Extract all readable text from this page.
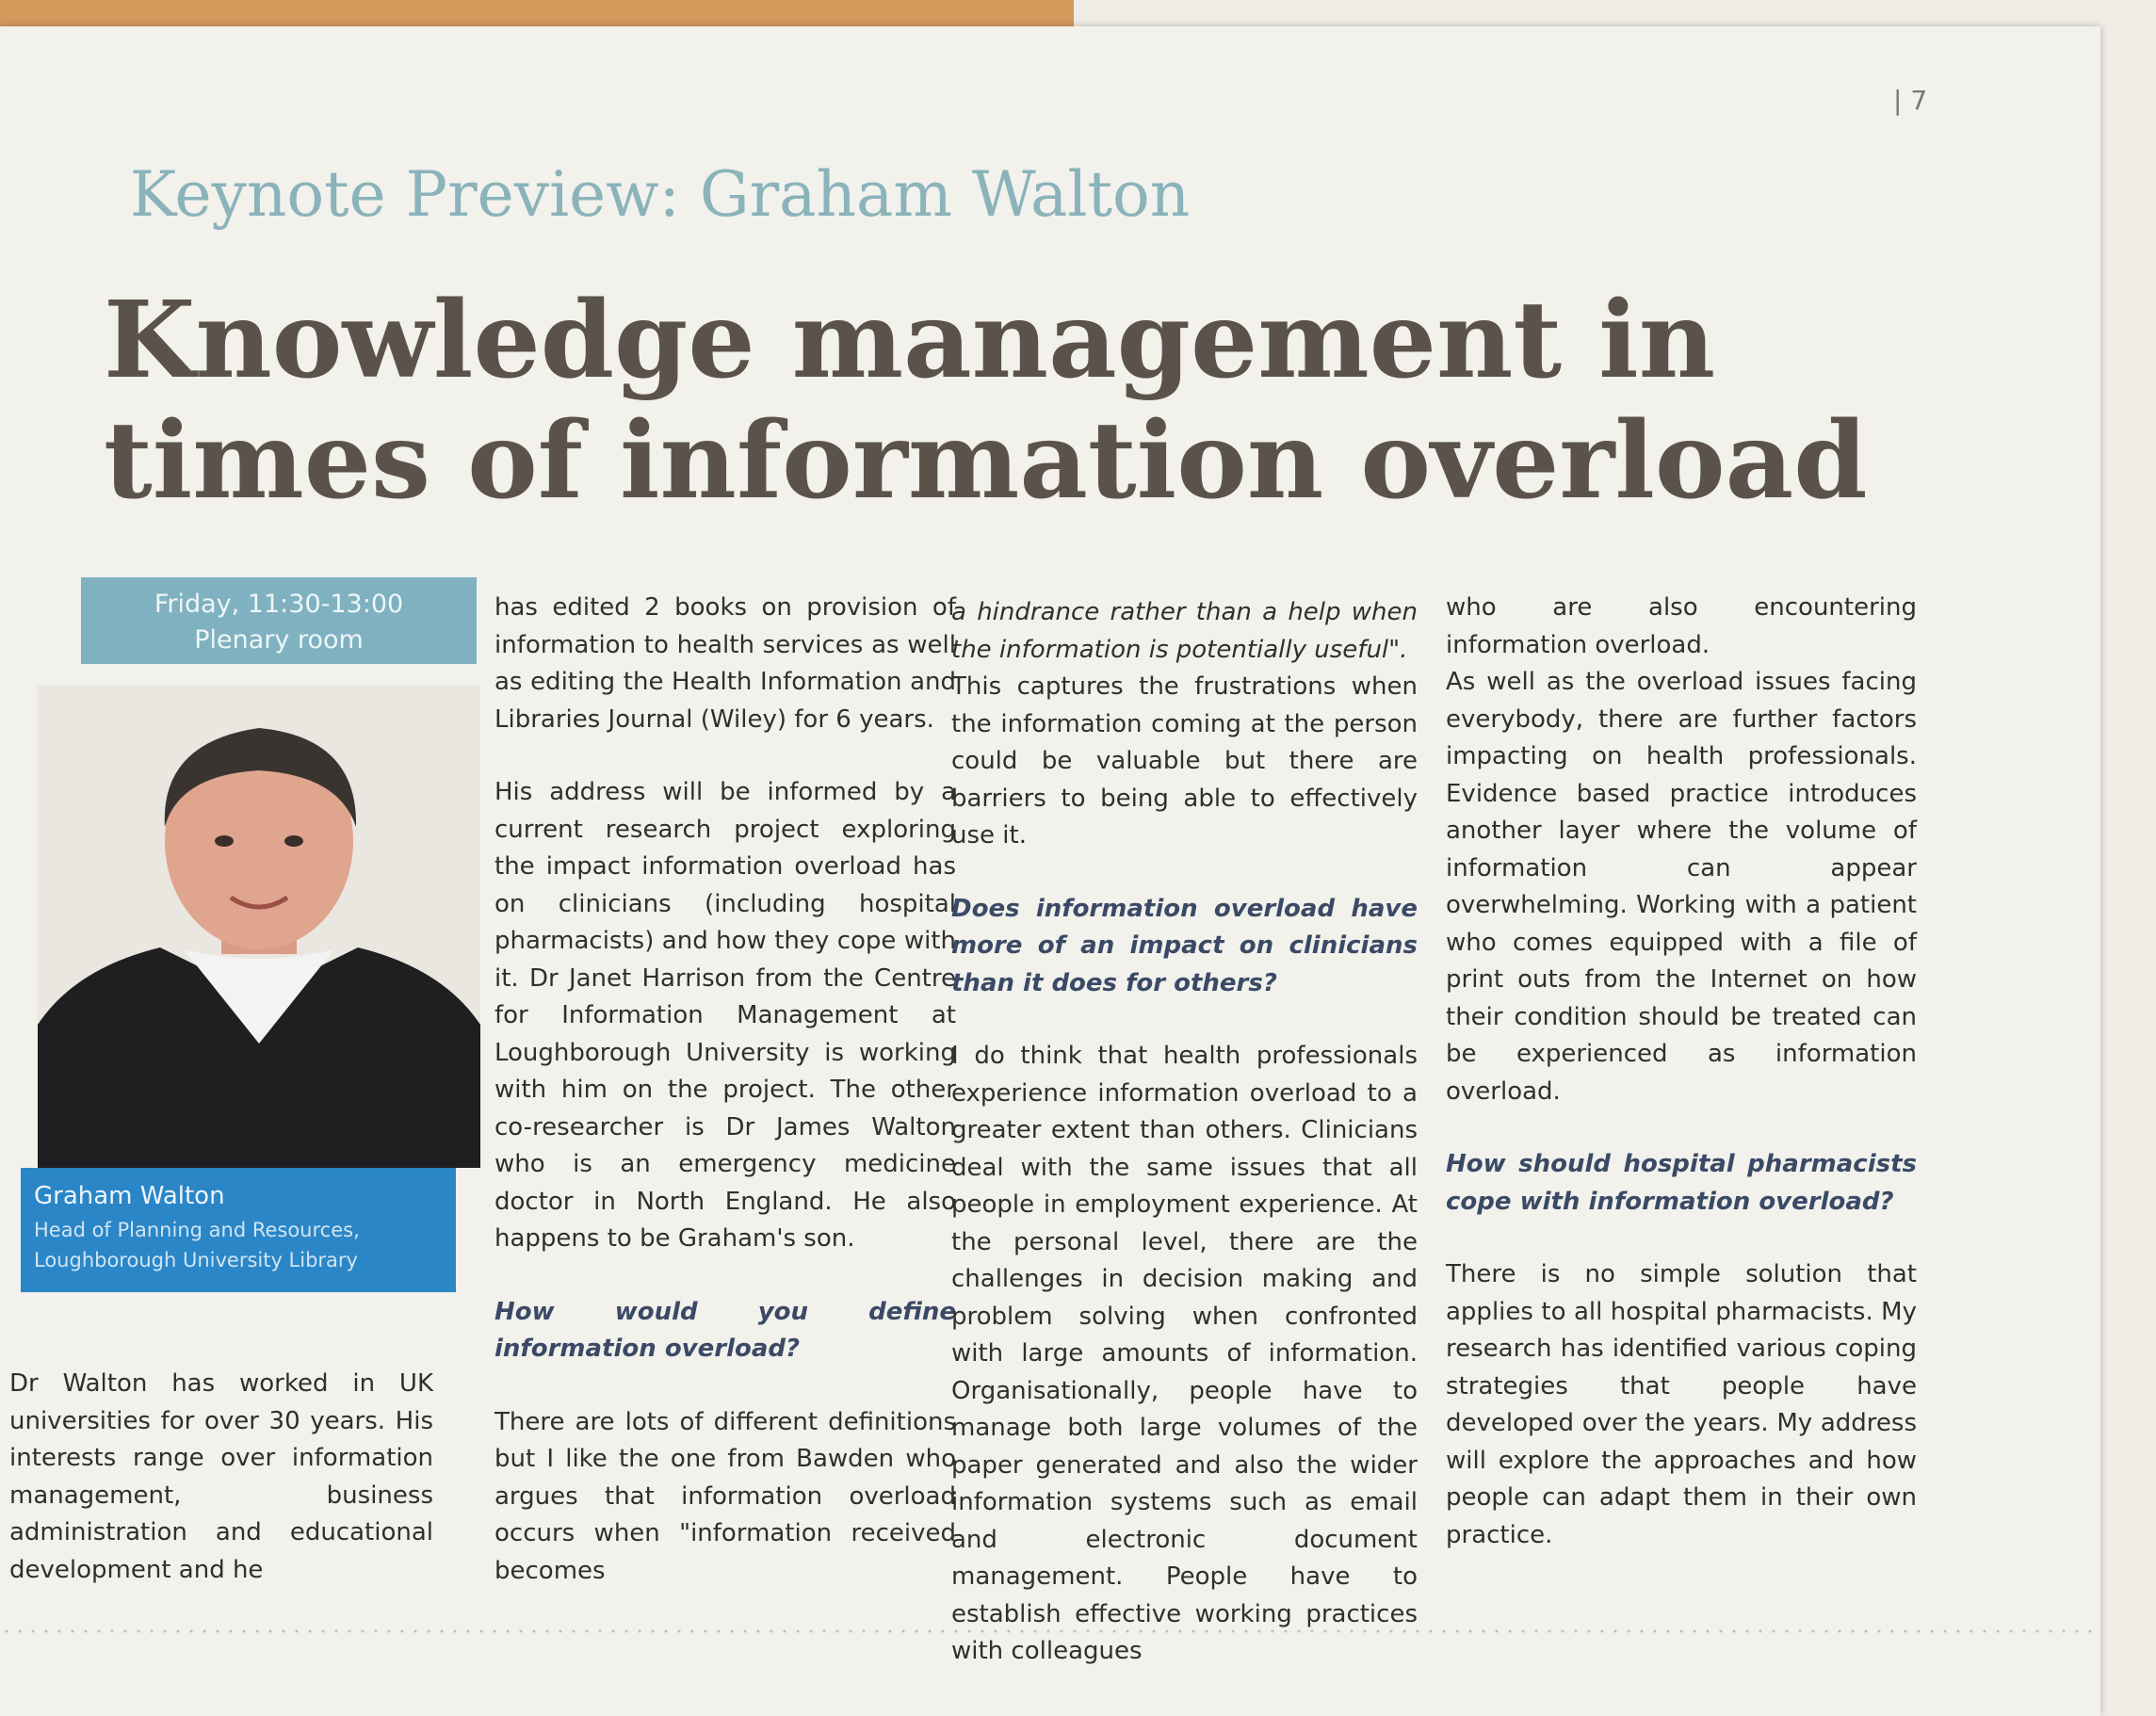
| 7
Keynote Preview: Graham Walton
Knowledge management in
times of information overload
Friday, 11:30-13:00
Plenary room
Graham Walton
Head of Planning and Resources,
Loughborough University Library

Dr Walton has worked in UK universities for over 30 years. His interests range over information management, business administration and educational development and he

has edited 2 books on provision of information to health services as well as editing the Health Information and Libraries Journal (Wiley) for 6 years.

His address will be informed by a current research project exploring the impact information overload has on clinicians (including hospital pharmacists) and how they cope with it. Dr Janet Harrison from the Centre for Information Management at Loughborough University is working with him on the project. The other co-researcher is Dr James Walton who is an emergency medicine doctor in North England. He also happens to be Graham's son.

How would you define information overload?

There are lots of different definitions but I like the one from Bawden who argues that information overload occurs when "information received becomes

a hindrance rather than a help when the information is potentially useful".

This captures the frustrations when the information coming at the person could be valuable but there are barriers to being able to effectively use it.

Does information overload have more of an impact on clinicians than it does for others?

I do think that health professionals experience information overload to a greater extent than others. Clinicians deal with the same issues that all people in employment experience. At the personal level, there are the challenges in decision making and problem solving when confronted with large amounts of information. Organisationally, people have to manage both large volumes of the paper generated and also the wider information systems such as email and electronic document management. People have to establish effective working practices with colleagues

who are also encountering information overload.

As well as the overload issues facing everybody, there are further factors impacting on health professionals. Evidence based practice introduces another layer where the volume of information can appear overwhelming. Working with a patient who comes equipped with a file of print outs from the Internet on how their condition should be treated can be experienced as information overload.

How should hospital pharmacists cope with information overload?

There is no simple solution that applies to all hospital pharmacists. My research has identified various coping strategies that people have developed over the years. My address will explore the approaches and how people can adapt them in their own practice.
